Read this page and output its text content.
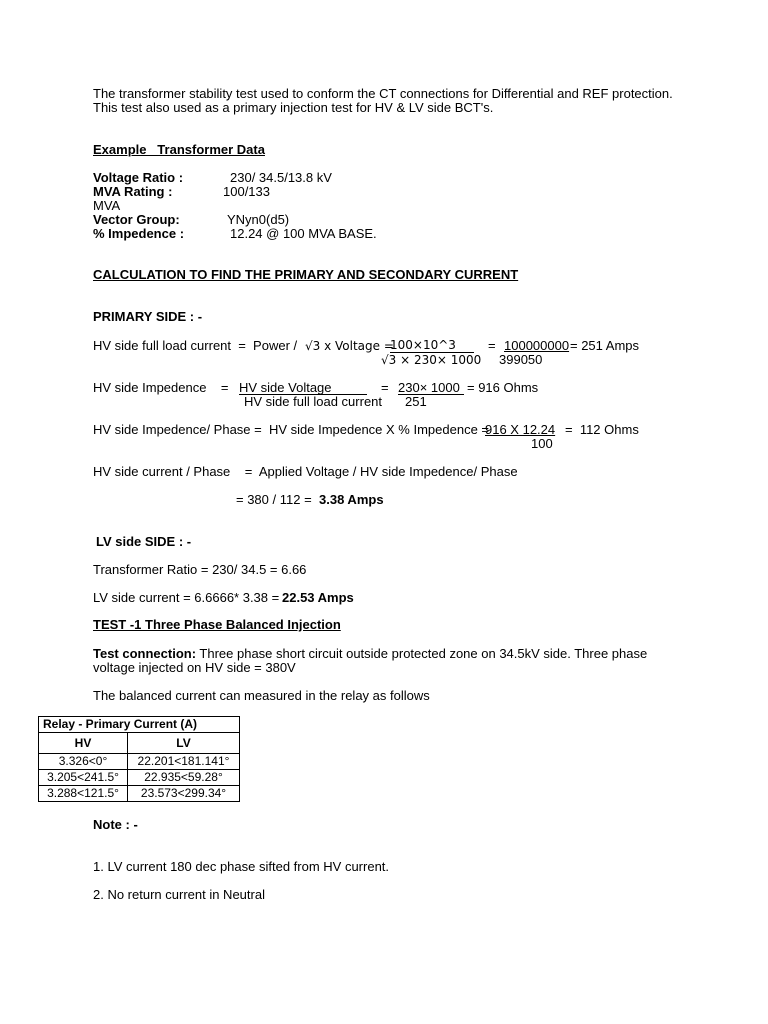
The transformer stability test used to conform the CT connections for Differential and REF protection.
This test also used as a primary injection test for HV & LV side BCT's.
Example   Transformer Data
Voltage Ratio :	230/ 34.5/13.8 kV
MVA Rating :	100/133
MVA
Vector Group:	YNyn0(d5)
% Impedence :	12.24 @ 100 MVA BASE.
CALCULATION TO FIND THE PRIMARY AND SECONDARY CURRENT
PRIMARY SIDE : -
HV side full load current  =  Power / √3 x Voltage =
100×10^3
√3 × 230× 1000
= 100000000
399050
= 251 Amps
HV side Impedence    = HV side Voltage
HV side full load current
= 230× 1000
251
= 916 Ohms
HV side Impedence/ Phase =  HV side Impedence X % Impedence =
916 X 12.24
100
=  112 Ohms
HV side current / Phase    =  Applied Voltage / HV side Impedence/ Phase
= 380 / 112 = 3.38 Amps
LV side SIDE : -
Transformer Ratio = 230/ 34.5 = 6.66
LV side current = 6.6666* 3.38 = 22.53 Amps
TEST -1 Three Phase Balanced Injection
Test connection: Three phase short circuit outside protected zone on 34.5kV side. Three phase
voltage injected on HV side = 380V
The balanced current can measured in the relay as follows
Relay - Primary Current (A)	
HV	LV
3.326<0°	22.201<181.141°
3.205<241.5°	22.935<59.28°
3.288<121.5°	23.573<299.34°
Note : -
1. LV current 180 dec phase sifted from HV current.
2. No return current in Neutral
